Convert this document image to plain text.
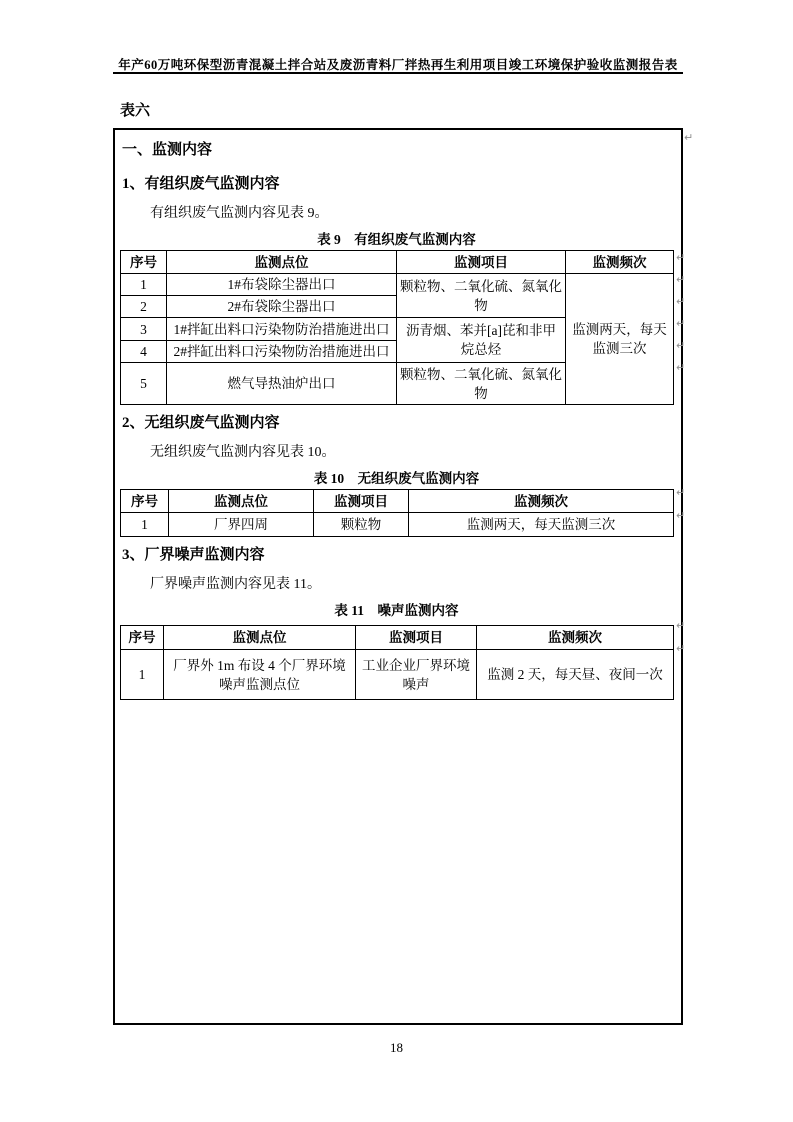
年产60万吨环保型沥青混凝土拌合站及废沥青料厂拌热再生利用项目竣工环境保护验收监测报告表
表六
一、监测内容
1、有组织废气监测内容
有组织废气监测内容见表 9。
表 9　有组织废气监测内容
序号	监测点位	监测项目	监测频次
1	1#布袋除尘器出口	颗粒物、二氧化硫、氮氧化物	监测两天，每天监测三次
2	2#布袋除尘器出口		
3	1#拌缸出料口污染物防治措施进出口	沥青烟、苯并[a]芘和非甲烷总烃	
4	2#拌缸出料口污染物防治措施进出口		
5	燃气导热油炉出口	颗粒物、二氧化硫、氮氧化物	
2、无组织废气监测内容
无组织废气监测内容见表 10。
表 10　无组织废气监测内容
序号	监测点位	监测项目	监测频次
1	厂界四周	颗粒物	监测两天，每天监测三次
3、厂界噪声监测内容
厂界噪声监测内容见表 11。
表 11　噪声监测内容
序号	监测点位	监测项目	监测频次
1	厂界外 1m 布设 4 个厂界环境噪声监测点位	工业企业厂界环境噪声	监测 2 天，每天昼、夜间一次
18
↵
↵
↵
↵
↵
↵
↵
↵
↵
↵
↵
